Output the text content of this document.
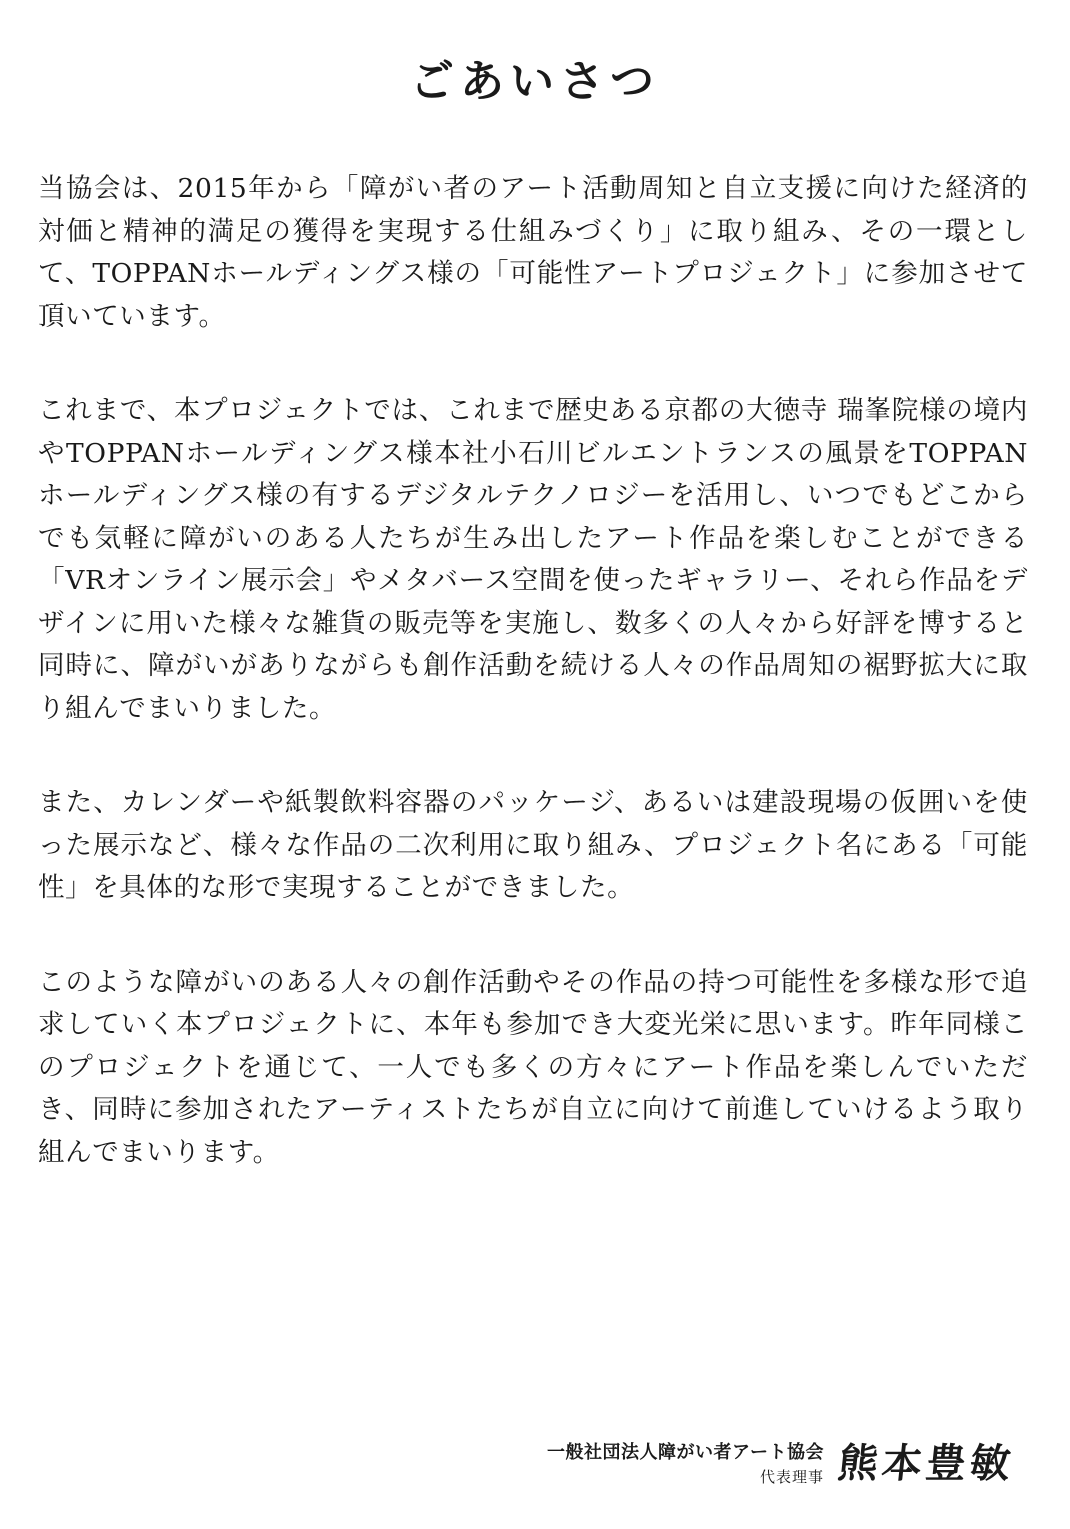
ごあいさつ

当協会は、2015年から「障がい者のアート活動周知と自立支援に向けた経済的対価と精神的満足の獲得を実現する仕組みづくり」に取り組み、その一環として、TOPPANホールディングス様の「可能性アートプロジェクト」に参加させて頂いています。

これまで、本プロジェクトでは、これまで歴史ある京都の大徳寺 瑞峯院様の境内やTOPPANホールディングス様本社小石川ビルエントランスの風景をTOPPANホールディングス様の有するデジタルテクノロジーを活用し、いつでもどこからでも気軽に障がいのある人たちが生み出したアート作品を楽しむことができる「VRオンライン展示会」やメタバース空間を使ったギャラリー、それら作品をデザインに用いた様々な雑貨の販売等を実施し、数多くの人々から好評を博すると同時に、障がいがありながらも創作活動を続ける人々の作品周知の裾野拡大に取り組んでまいりました。

また、カレンダーや紙製飲料容器のパッケージ、あるいは建設現場の仮囲いを使った展示など、様々な作品の二次利用に取り組み、プロジェクト名にある「可能性」を具体的な形で実現することができました。

このような障がいのある人々の創作活動やその作品の持つ可能性を多様な形で追求していく本プロジェクトに、本年も参加でき大変光栄に思います。昨年同様このプロジェクトを通じて、一人でも多くの方々にアート作品を楽しんでいただき、同時に参加されたアーティストたちが自立に向けて前進していけるよう取り組んでまいります。

一般社団法人障がい者アート協会
代表理事 熊本豊敏
